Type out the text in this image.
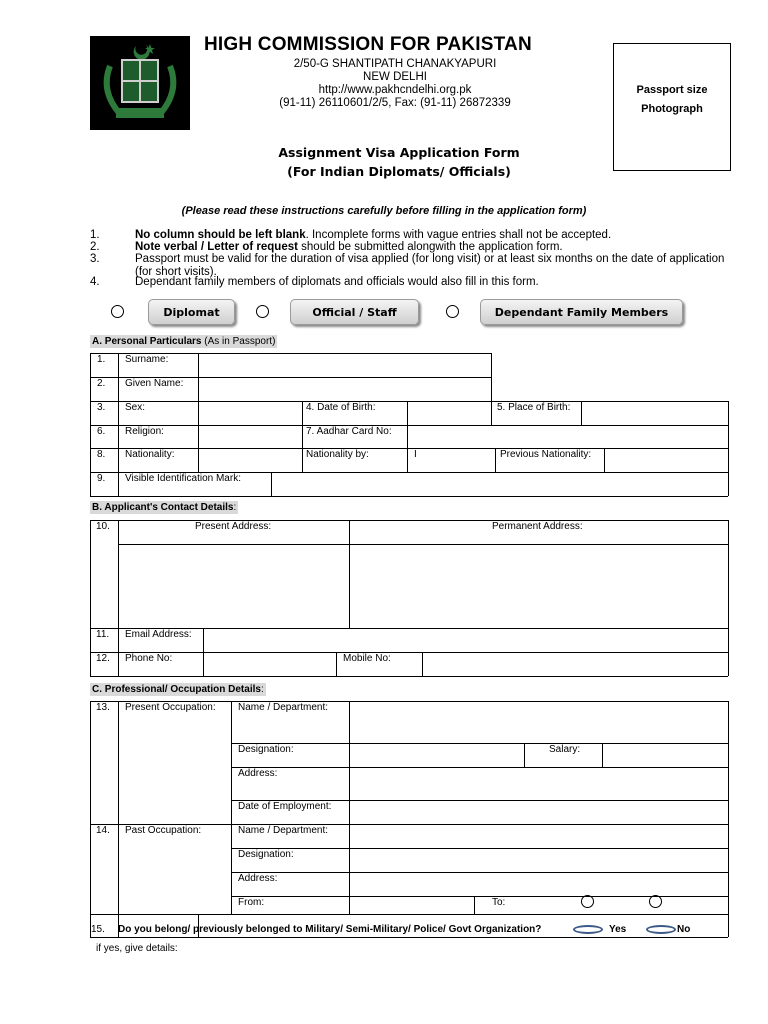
HIGH COMMISSION FOR PAKISTAN
2/50-G SHANTIPATH CHANAKYAPURI
NEW DELHI
http://www.pakhcndelhi.org.pk
(91-11) 26110601/2/5, Fax: (91-11) 26872339
Passport size
Photograph
Assignment Visa Application Form
(For Indian Diplomats/ Officials)
(Please read these instructions carefully before filling in the application form)
1.	No column should be left blank. Incomplete forms with vague entries shall not be accepted.
2.	Note verbal / Letter of request should be submitted alongwith the application form.
3.	Passport must be valid for the duration of visa applied (for long visit) or at least six months on the date of application (for short visits).
4.	Dependant family members of diplomats and officials would also fill in this form.
Diplomat	Official / Staff	Dependant Family Members
A. Personal Particulars (As in Passport)
1. Surname:
2. Given Name:
3. Sex:	4. Date of Birth:	5. Place of Birth:
6. Religion:	7. Aadhar Card No:
8. Nationality:	Nationality by:	I	Previous Nationality:
9. Visible Identification Mark:
B. Applicant's Contact Details:
10.	Present Address:	Permanent Address:
11. Email Address:
12. Phone No:	Mobile No:
C. Professional/ Occupation Details:
13. Present Occupation: Name / Department:
Designation:	Salary:
Address:
Date of Employment:
14. Past Occupation:	Name / Department:
Designation:
Address:
From:	To:
15. Do you belong/ previously belonged to Military/ Semi-Military/ Police/ Govt Organization?	Yes	No
if yes, give details:
